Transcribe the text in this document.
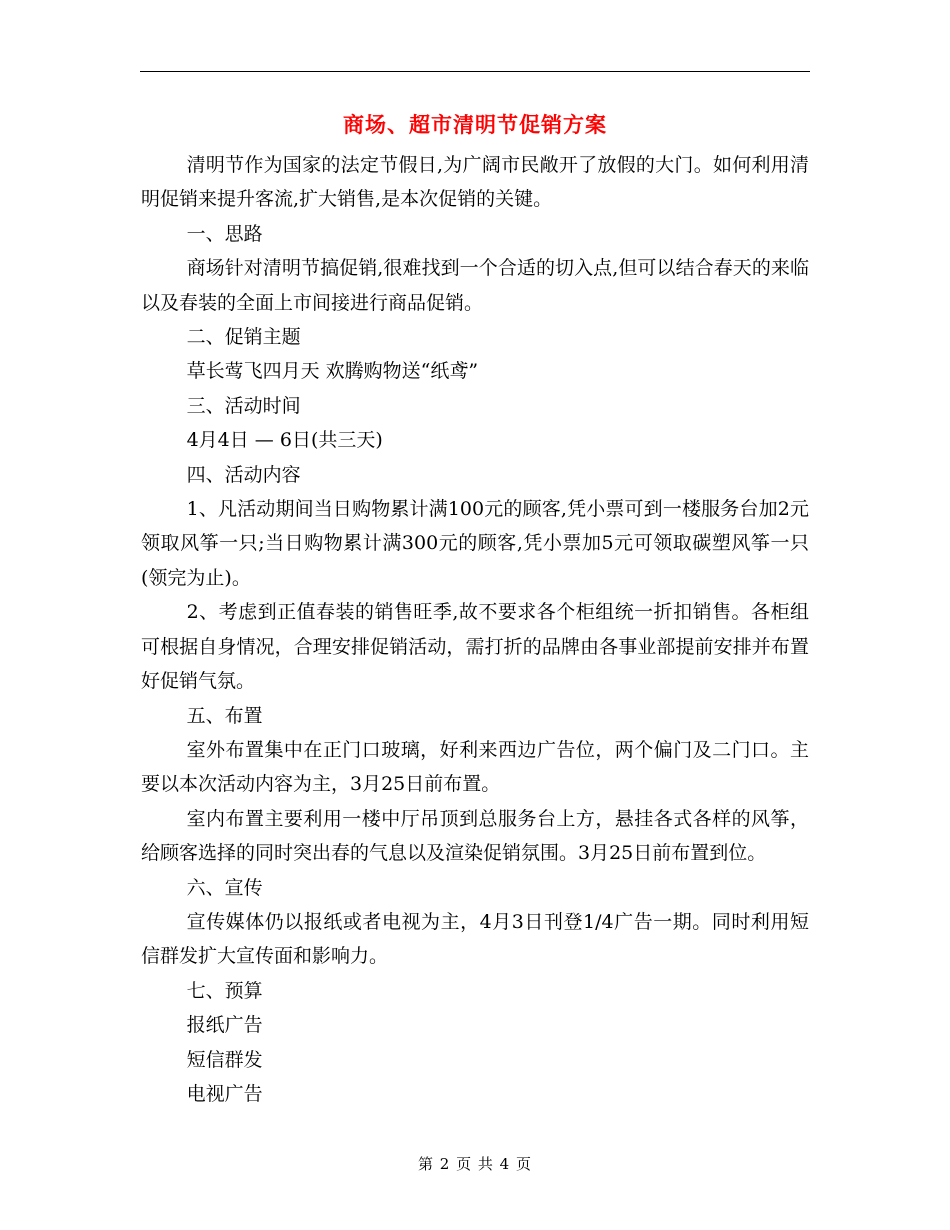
商场、超市清明节促销方案

清明节作为国家的法定节假日,为广阔市民敞开了放假的大门。如何利用清明促销来提升客流,扩大销售,是本次促销的关键。

一、思路

商场针对清明节搞促销,很难找到一个合适的切入点,但可以结合春天的来临以及春装的全面上市间接进行商品促销。

二、促销主题

草长莺飞四月天 欢腾购物送“纸鸢”

三、活动时间

4月4日 — 6日(共三天)

四、活动内容

1、凡活动期间当日购物累计满100元的顾客,凭小票可到一楼服务台加2元领取风筝一只;当日购物累计满300元的顾客,凭小票加5元可领取碳塑风筝一只(领完为止)。

2、考虑到正值春装的销售旺季,故不要求各个柜组统一折扣销售。各柜组可根据自身情况，合理安排促销活动，需打折的品牌由各事业部提前安排并布置好促销气氛。

五、布置

室外布置集中在正门口玻璃，好利来西边广告位，两个偏门及二门口。主要以本次活动内容为主，3月25日前布置。

室内布置主要利用一楼中厅吊顶到总服务台上方，悬挂各式各样的风筝，给顾客选择的同时突出春的气息以及渲染促销氛围。3月25日前布置到位。

六、宣传

宣传媒体仍以报纸或者电视为主，4月3日刊登1/4广告一期。同时利用短信群发扩大宣传面和影响力。

七、预算

报纸广告

短信群发

电视广告

第 2 页 共 4 页
